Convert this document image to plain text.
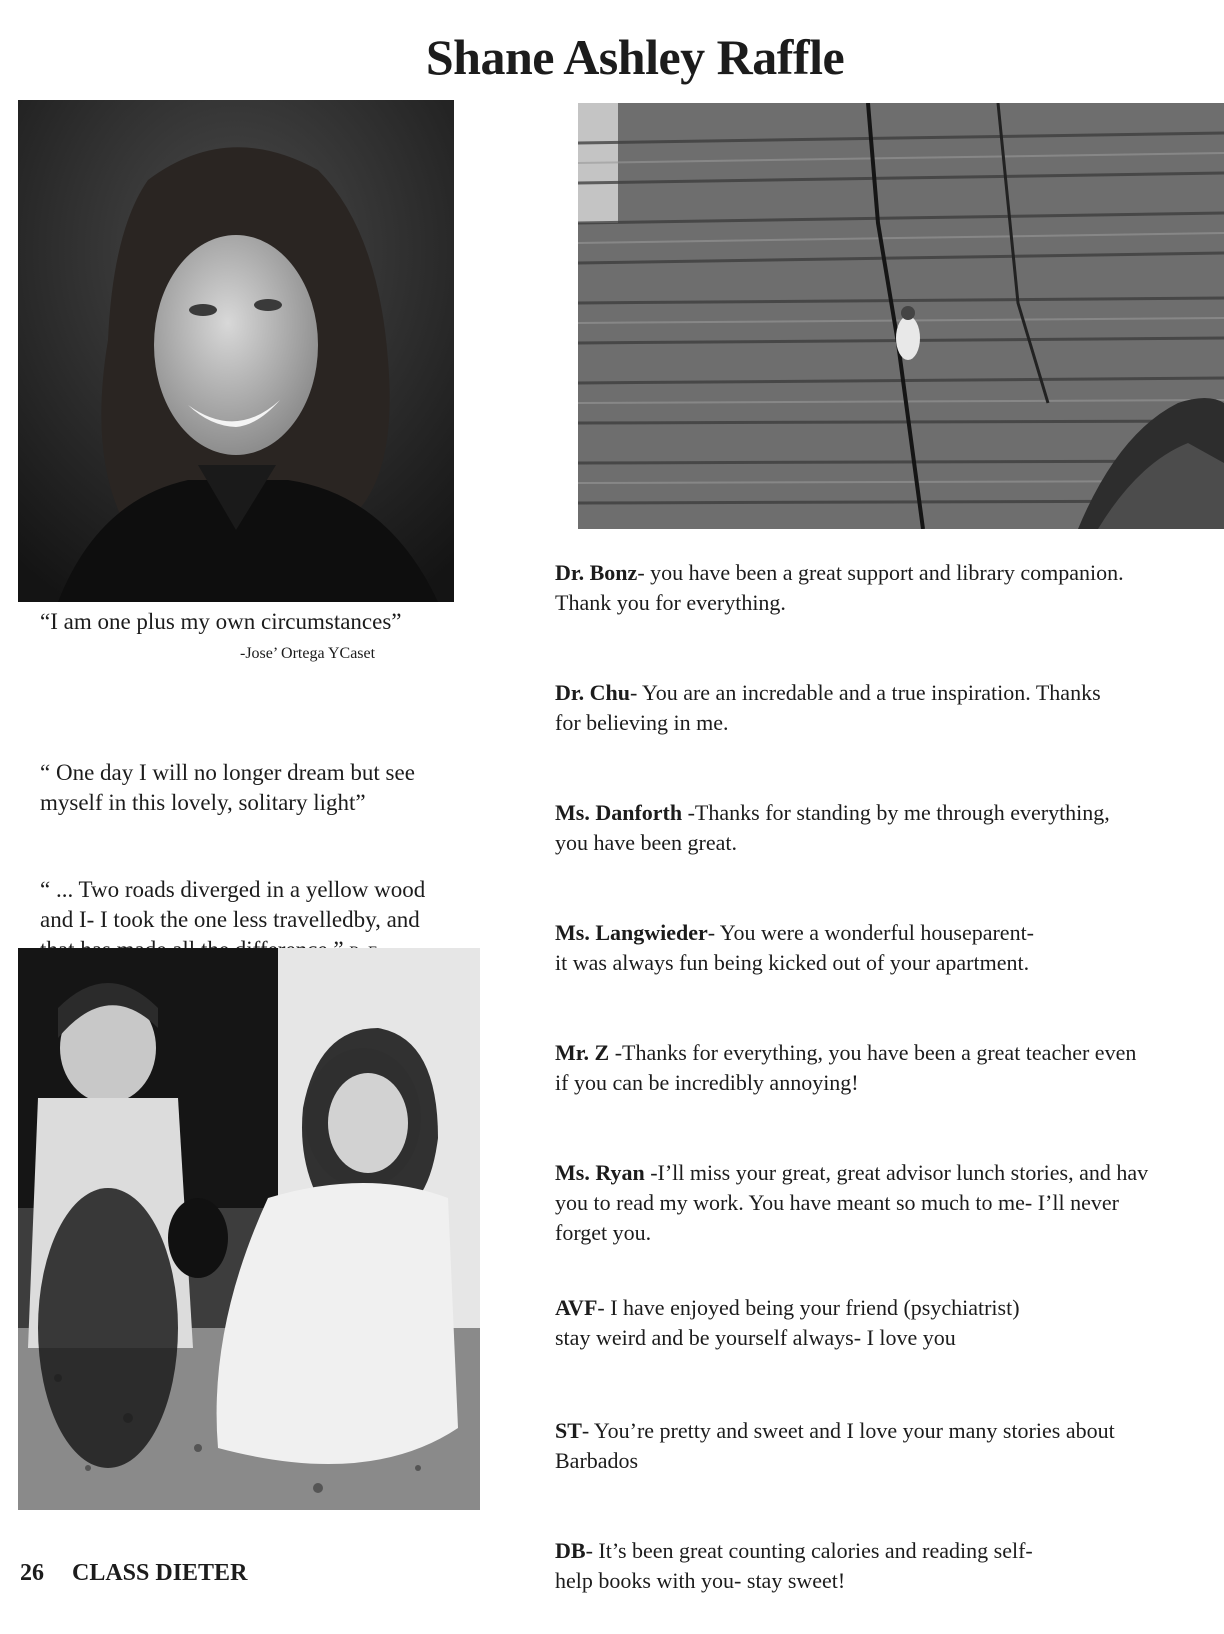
Shane Ashley Raffle
“I am one plus my own circumstances”
-Jose’ Ortega YCaset

“ One day I will no longer dream but see
myself in this lovely, solitary light”

“ ... Two roads diverged in a yellow wood
and I- I took the one less travelledby, and

Dr. Bonz- you have been a great support and library companion.
Thank you for everything.
Dr. Chu- You are an incredable and a true inspiration. Thanks
for believing in me.
Ms. Danforth -Thanks for standing by me through everything,
you have been great.
Ms. Langwieder- You were a wonderful houseparent-
it was always fun being kicked out of your apartment.
Mr. Z -Thanks for everything, you have been a great teacher even
if you can be incredibly annoying!
Ms. Ryan -I’ll miss your great, great advisor lunch stories, and hav
you to read my work. You have meant so much to me- I’ll never
forget you.
AVF- I have enjoyed being your friend (psychiatrist)
stay weird and be yourself always- I love you
ST- You’re pretty and sweet and I love your many stories about
Barbados
DB- It’s been great counting calories and reading self-
help books with you- stay sweet!
26 CLASS DIETER
